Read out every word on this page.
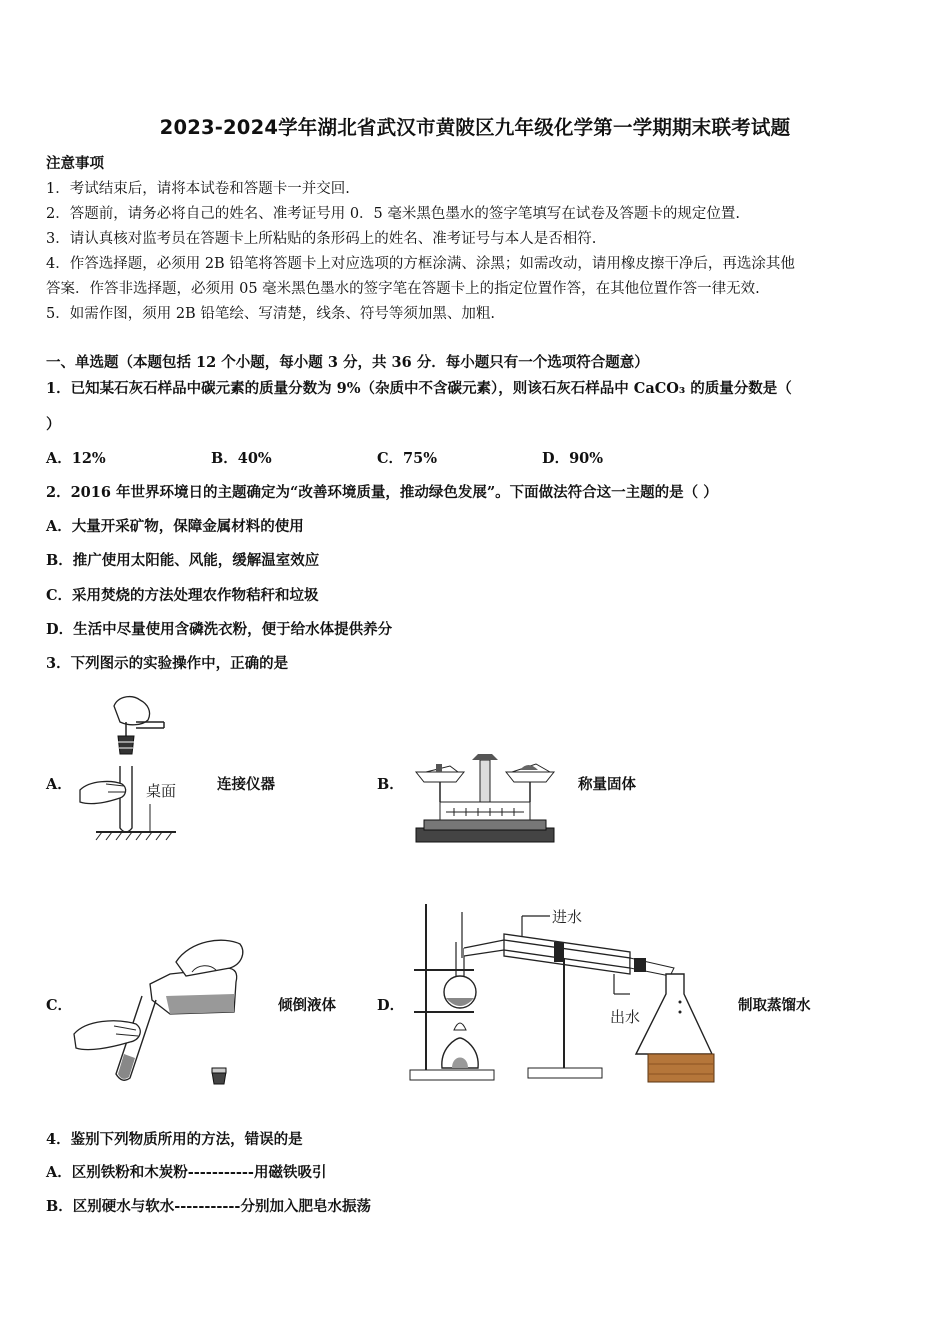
2023-2024学年湖北省武汉市黄陂区九年级化学第一学期期末联考试题
注意事项
1．考试结束后，请将本试卷和答题卡一并交回.
2．答题前，请务必将自己的姓名、准考证号用 0．5 毫米黑色墨水的签字笔填写在试卷及答题卡的规定位置.
3．请认真核对监考员在答题卡上所粘贴的条形码上的姓名、准考证号与本人是否相符.
4．作答选择题，必须用 2B 铅笔将答题卡上对应选项的方框涂满、涂黑；如需改动，请用橡皮擦干净后，再选涂其他
答案．作答非选择题，必须用 05 毫米黑色墨水的签字笔在答题卡上的指定位置作答，在其他位置作答一律无效.
5．如需作图，须用 2B 铅笔绘、写清楚，线条、符号等须加黑、加粗.
一、单选题（本题包括 12 个小题，每小题 3 分，共 36 分．每小题只有一个选项符合题意）
1．已知某石灰石样品中碳元素的质量分数为 9%（杂质中不含碳元素），则该石灰石样品中 CaCO₃ 的质量分数是（
）
A．12%	B．40%	C．75%	D．90%
2．2016 年世界环境日的主题确定为“改善环境质量，推动绿色发展”。下面做法符合这一主题的是（ ）
A．大量开采矿物，保障金属材料的使用
B．推广使用太阳能、风能，缓解温室效应
C．采用焚烧的方法处理农作物秸秆和垃圾
D．生活中尽量使用含磷洗衣粉，便于给水体提供养分
3．下列图示的实验操作中，正确的是
A．	桌面	连接仪器	B．	称量固体
C．	倾倒液体	D．
进水
出水
制取蒸馏水
4．鉴别下列物质所用的方法，错误的是
A．区别铁粉和木炭粉-----------用磁铁吸引
B．区别硬水与软水-----------分别加入肥皂水振荡
